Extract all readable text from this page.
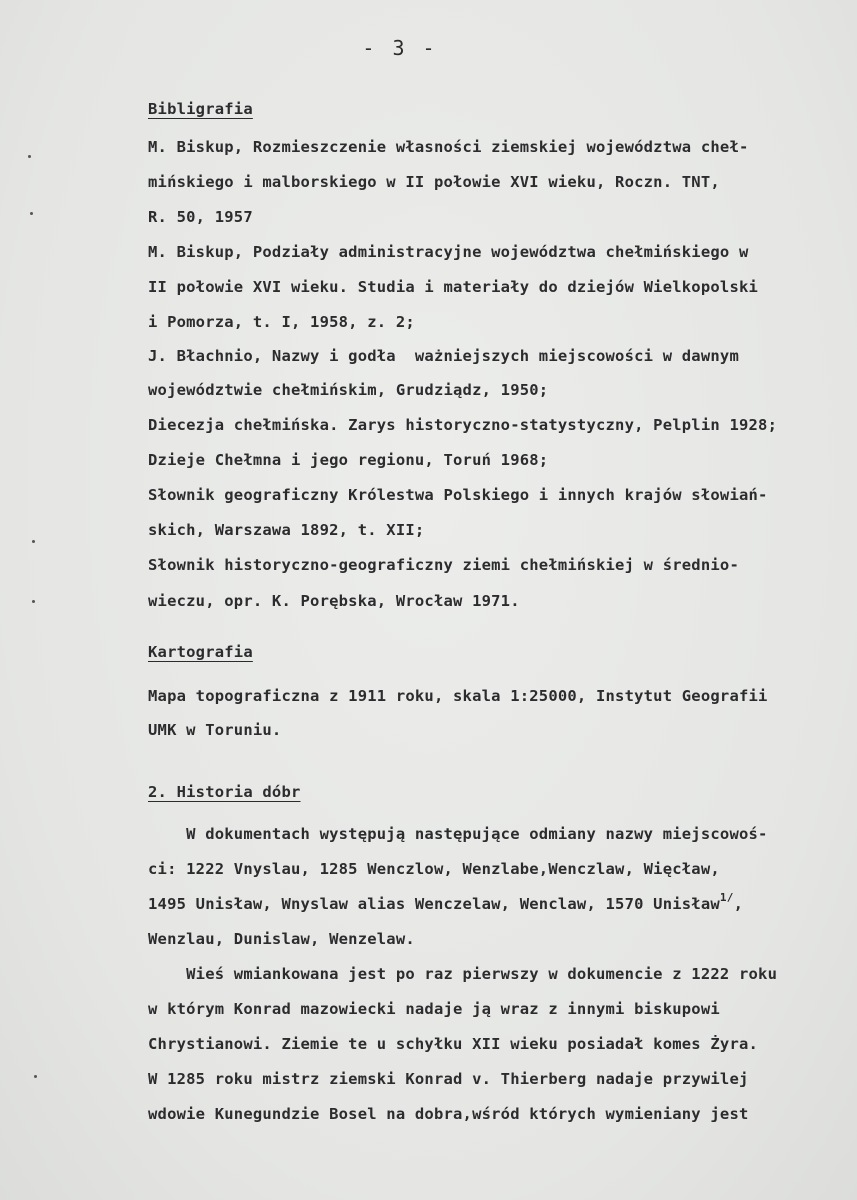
- 3 -
Bibligrafia
M. Biskup, Rozmieszczenie własności ziemskiej województwa cheł-
mińskiego i malborskiego w II połowie XVI wieku, Roczn. TNT,
R. 50, 1957
M. Biskup, Podziały administracyjne województwa chełmińskiego w
II połowie XVI wieku. Studia i materiały do dziejów Wielkopolski
i Pomorza, t. I, 1958, z. 2;
J. Błachnio, Nazwy i godła  ważniejszych miejscowości w dawnym
województwie chełmińskim, Grudziądz, 1950;
Diecezja chełmińska. Zarys historyczno-statystyczny, Pelplin 1928;
Dzieje Chełmna i jego regionu, Toruń 1968;
Słownik geograficzny Królestwa Polskiego i innych krajów słowiań-
skich, Warszawa 1892, t. XII;
Słownik historyczno-geograficzny ziemi chełmińskiej w średnio-
wieczu, opr. K. Porębska, Wrocław 1971.
Kartografia
Mapa topograficzna z 1911 roku, skala 1:25000, Instytut Geografii
UMK w Toruniu.
2. Historia dóbr
W dokumentach występują następujące odmiany nazwy miejscowoś-
ci: 1222 Vnyslau, 1285 Wenczlow, Wenzlabe,Wenczlaw, Więcław,
1495 Unisław, Wnyslaw alias Wenczelaw, Wenclaw, 1570 Unisław$^{1/}$,
Wenzlau, Dunislaw, Wenzelaw.
Wieś wmiankowana jest po raz pierwszy w dokumencie z 1222 roku
w którym Konrad mazowiecki nadaje ją wraz z innymi biskupowi
Chrystianowi. Ziemie te u schyłku XII wieku posiadał komes Żyra.
W 1285 roku mistrz ziemski Konrad v. Thierberg nadaje przywilej
wdowie Kunegundzie Bosel na dobra,wśród których wymieniany jest
